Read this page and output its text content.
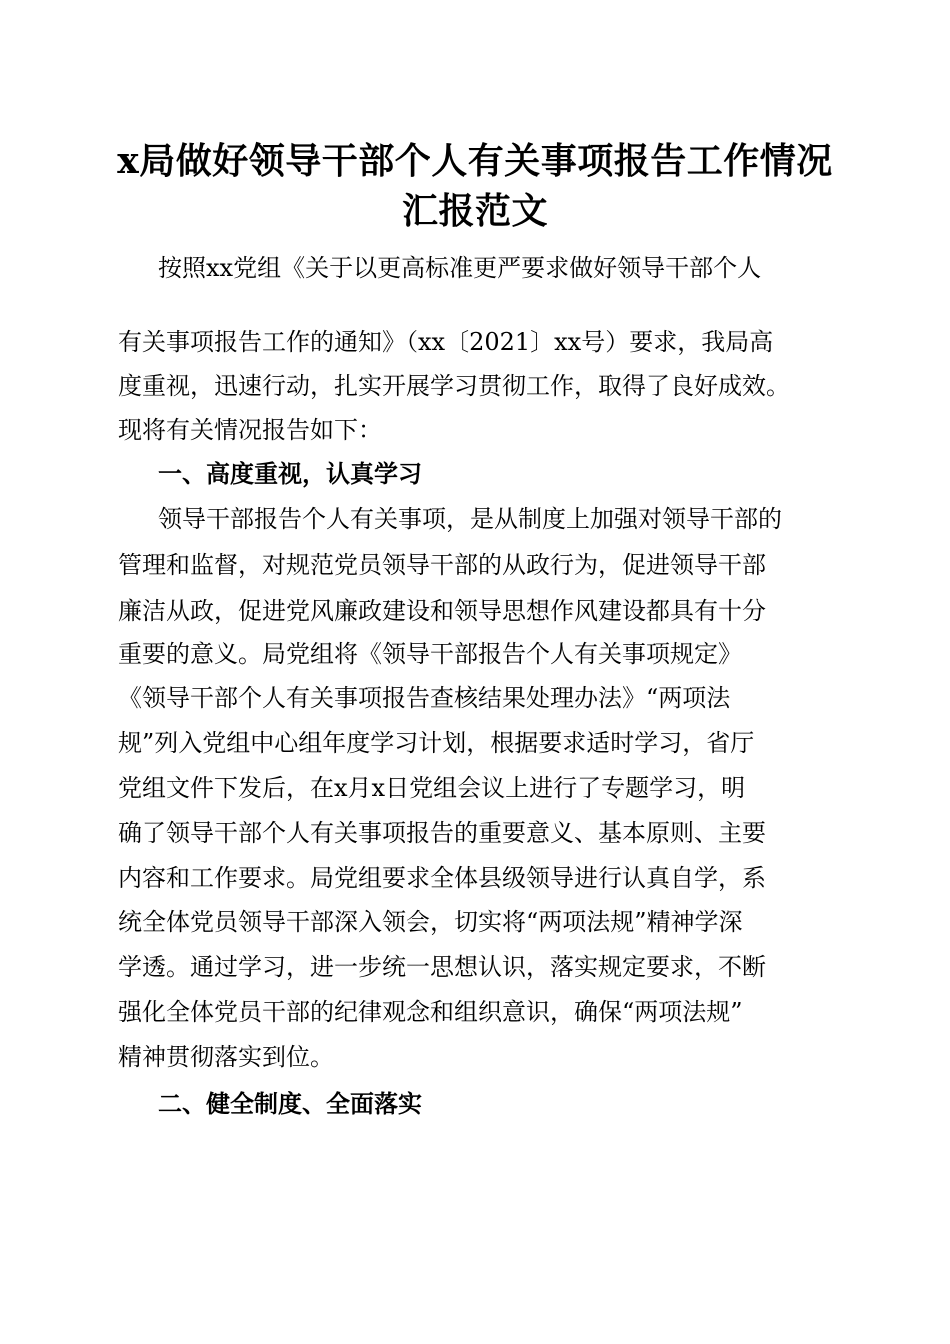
x局做好领导干部个人有关事项报告工作情况
汇报范文

按照xx党组《关于以更高标准更严要求做好领导干部个人

有关事项报告工作的通知》（xx〔2021〕xx号）要求，我局高

度重视，迅速行动，扎实开展学习贯彻工作，取得了良好成效。

现将有关情况报告如下：

一、高度重视，认真学习

领导干部报告个人有关事项，是从制度上加强对领导干部的

管理和监督，对规范党员领导干部的从政行为，促进领导干部

廉洁从政，促进党风廉政建设和领导思想作风建设都具有十分

重要的意义。局党组将《领导干部报告个人有关事项规定》

《领导干部个人有关事项报告查核结果处理办法》“两项法

规”列入党组中心组年度学习计划，根据要求适时学习，省厅

党组文件下发后，在x月x日党组会议上进行了专题学习，明

确了领导干部个人有关事项报告的重要意义、基本原则、主要

内容和工作要求。局党组要求全体县级领导进行认真自学，系

统全体党员领导干部深入领会，切实将“两项法规”精神学深

学透。通过学习，进一步统一思想认识，落实规定要求，不断

强化全体党员干部的纪律观念和组织意识，确保“两项法规”

精神贯彻落实到位。

二、健全制度、全面落实
